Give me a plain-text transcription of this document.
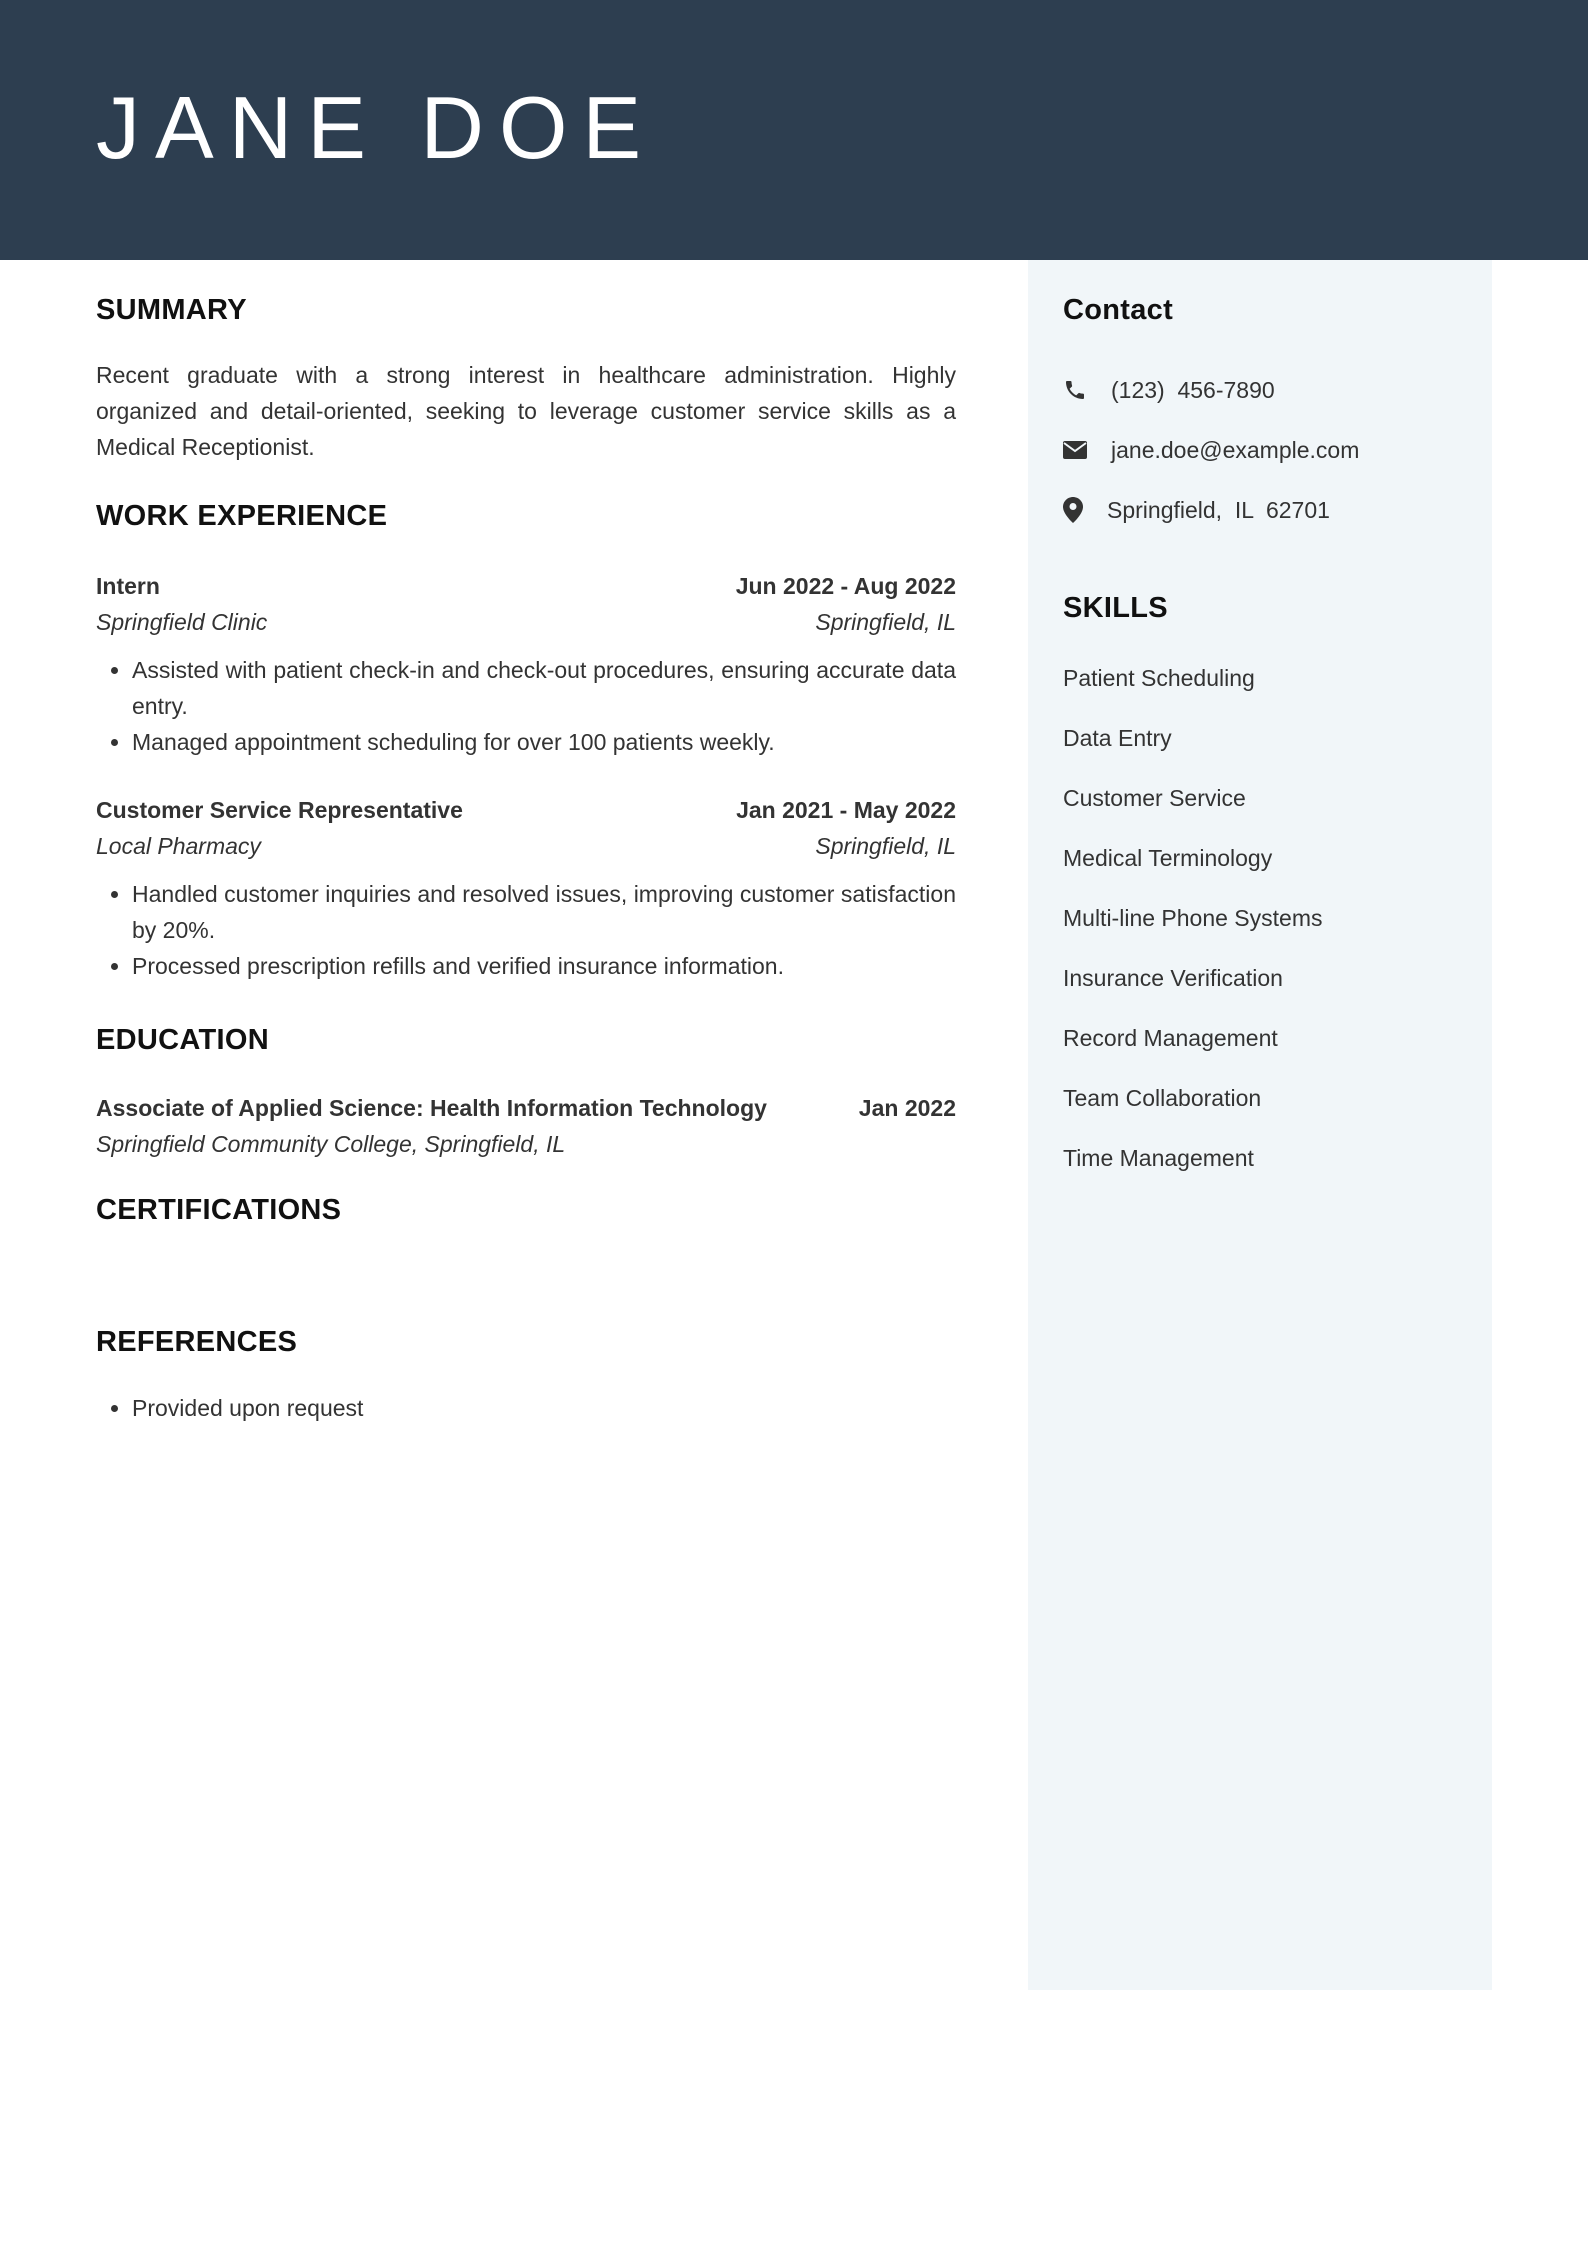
JANE DOE
SUMMARY

Recent graduate with a strong interest in healthcare administration. Highly organized and detail-oriented, seeking to leverage customer service skills as a Medical Receptionist.

WORK EXPERIENCE
Intern	Jun 2022 - Aug 2022
Springfield Clinic	Springfield, IL
• Assisted with patient check-in and check-out procedures, ensuring accurate data entry.
• Managed appointment scheduling for over 100 patients weekly.
Customer Service Representative	Jan 2021 - May 2022
Local Pharmacy	Springfield, IL
• Handled customer inquiries and resolved issues, improving customer satisfaction by 20%.
• Processed prescription refills and verified insurance information.
EDUCATION
Associate of Applied Science: Health Information Technology	Jan 2022
Springfield Community College, Springfield, IL
CERTIFICATIONS
REFERENCES
• Provided upon request
Contact
(123)  456-7890
jane.doe@example.com
Springfield,  IL  62701
SKILLS
Patient Scheduling
Data Entry
Customer Service
Medical Terminology
Multi-line Phone Systems
Insurance Verification
Record Management
Team Collaboration
Time Management
